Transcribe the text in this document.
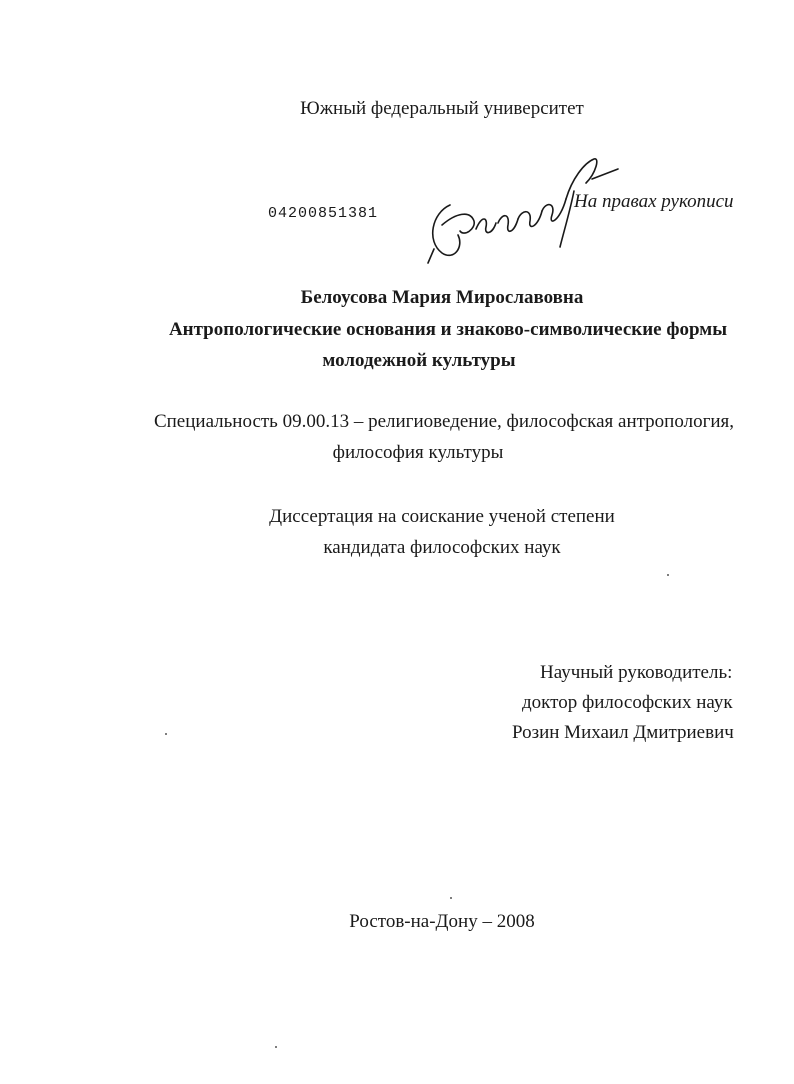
Южный федеральный университет
04200851381
На правах рукописи
Белоусова Мария Мирославовна
Антропологические основания и знаково-символические формы
молодежной культуры
Специальность 09.00.13 – религиоведение, философская антропология,
философия культуры
Диссертация на соискание ученой степени
кандидата философских наук
Научный руководитель:
доктор философских наук
Розин Михаил Дмитриевич
Ростов-на-Дону – 2008
